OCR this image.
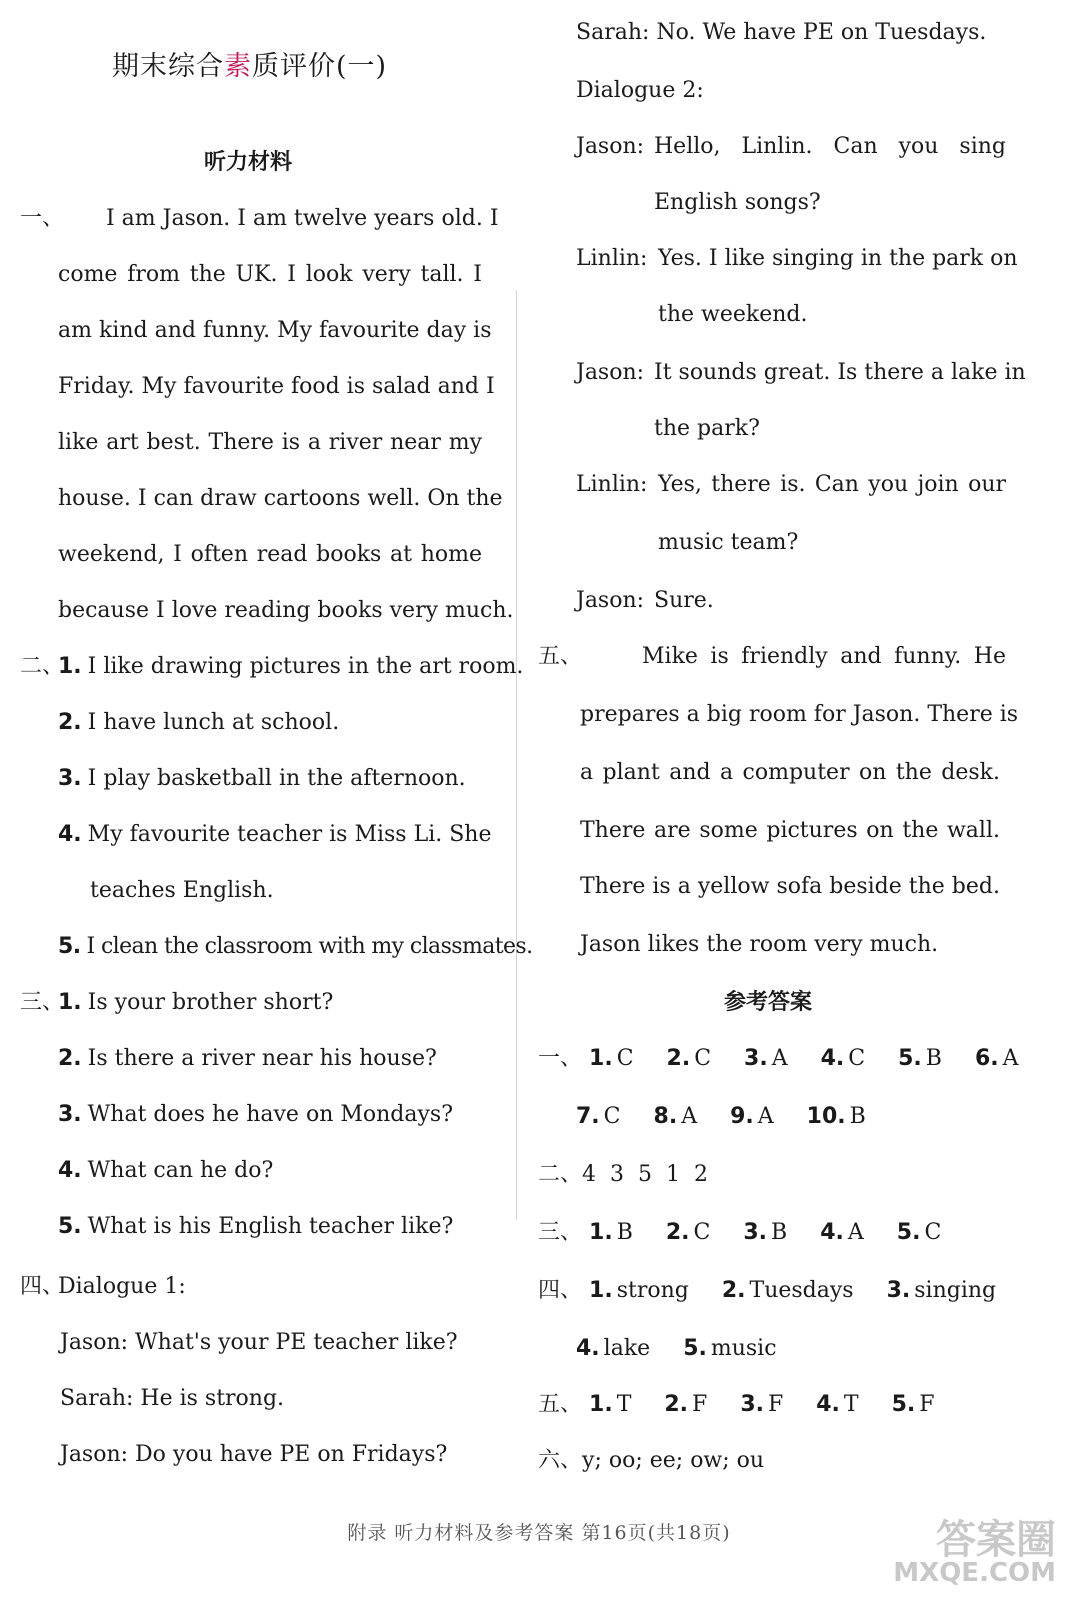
期末综合素质评价(一)
听力材料
一、 I am Jason. I am twelve years old. I
come from the UK. I look very tall. I
am kind and funny. My favourite day is
Friday. My favourite food is salad and I
like art best. There is a river near my
house. I can draw cartoons well. On the
weekend, I often read books at home
because I love reading books very much.
二、
1. I like drawing pictures in the art room.
2. I have lunch at school.
3. I play basketball in the afternoon.
4. My favourite teacher is Miss Li. She
teaches English.
5. I clean the classroom with my classmates.
三、
1. Is your brother short?
2. Is there a river near his house?
3. What does he have on Mondays?
4. What can he do?
5. What is his English teacher like?
四、
Dialogue 1:
Jason: What's your PE teacher like?
Sarah: He is strong.
Jason: Do you have PE on Fridays?
Sarah: No. We have PE on Tuesdays.
Dialogue 2:
Jason: Hello, Linlin. Can you sing
English songs?
Linlin: Yes. I like singing in the park on
the weekend.
Jason: It sounds great. Is there a lake in
the park?
Linlin: Yes, there is. Can you join our
music team?
Jason: Sure.
五、	Mike is friendly and funny. He
prepares a big room for Jason. There is
a plant and a computer on the desk.
There are some pictures on the wall.
There is a yellow sofa beside the bed.
Jason likes the room very much.
参考答案
一、 1. C 2. C 3. A 4. C 5. B 6. A
7. C 8. A 9. A 10. B
二、4  3  5  1  2
三、 1. B 2. C 3. B 4. A 5. C
四、 1. strong 2. Tuesdays 3. singing
4. lake 5. music
五、 1. T 2. F 3. F 4. T 5. F
六、y; oo; ee; ow; ou
附录 听力材料及参考答案 第16页(共18页)	答案圈
MXQE.COM
